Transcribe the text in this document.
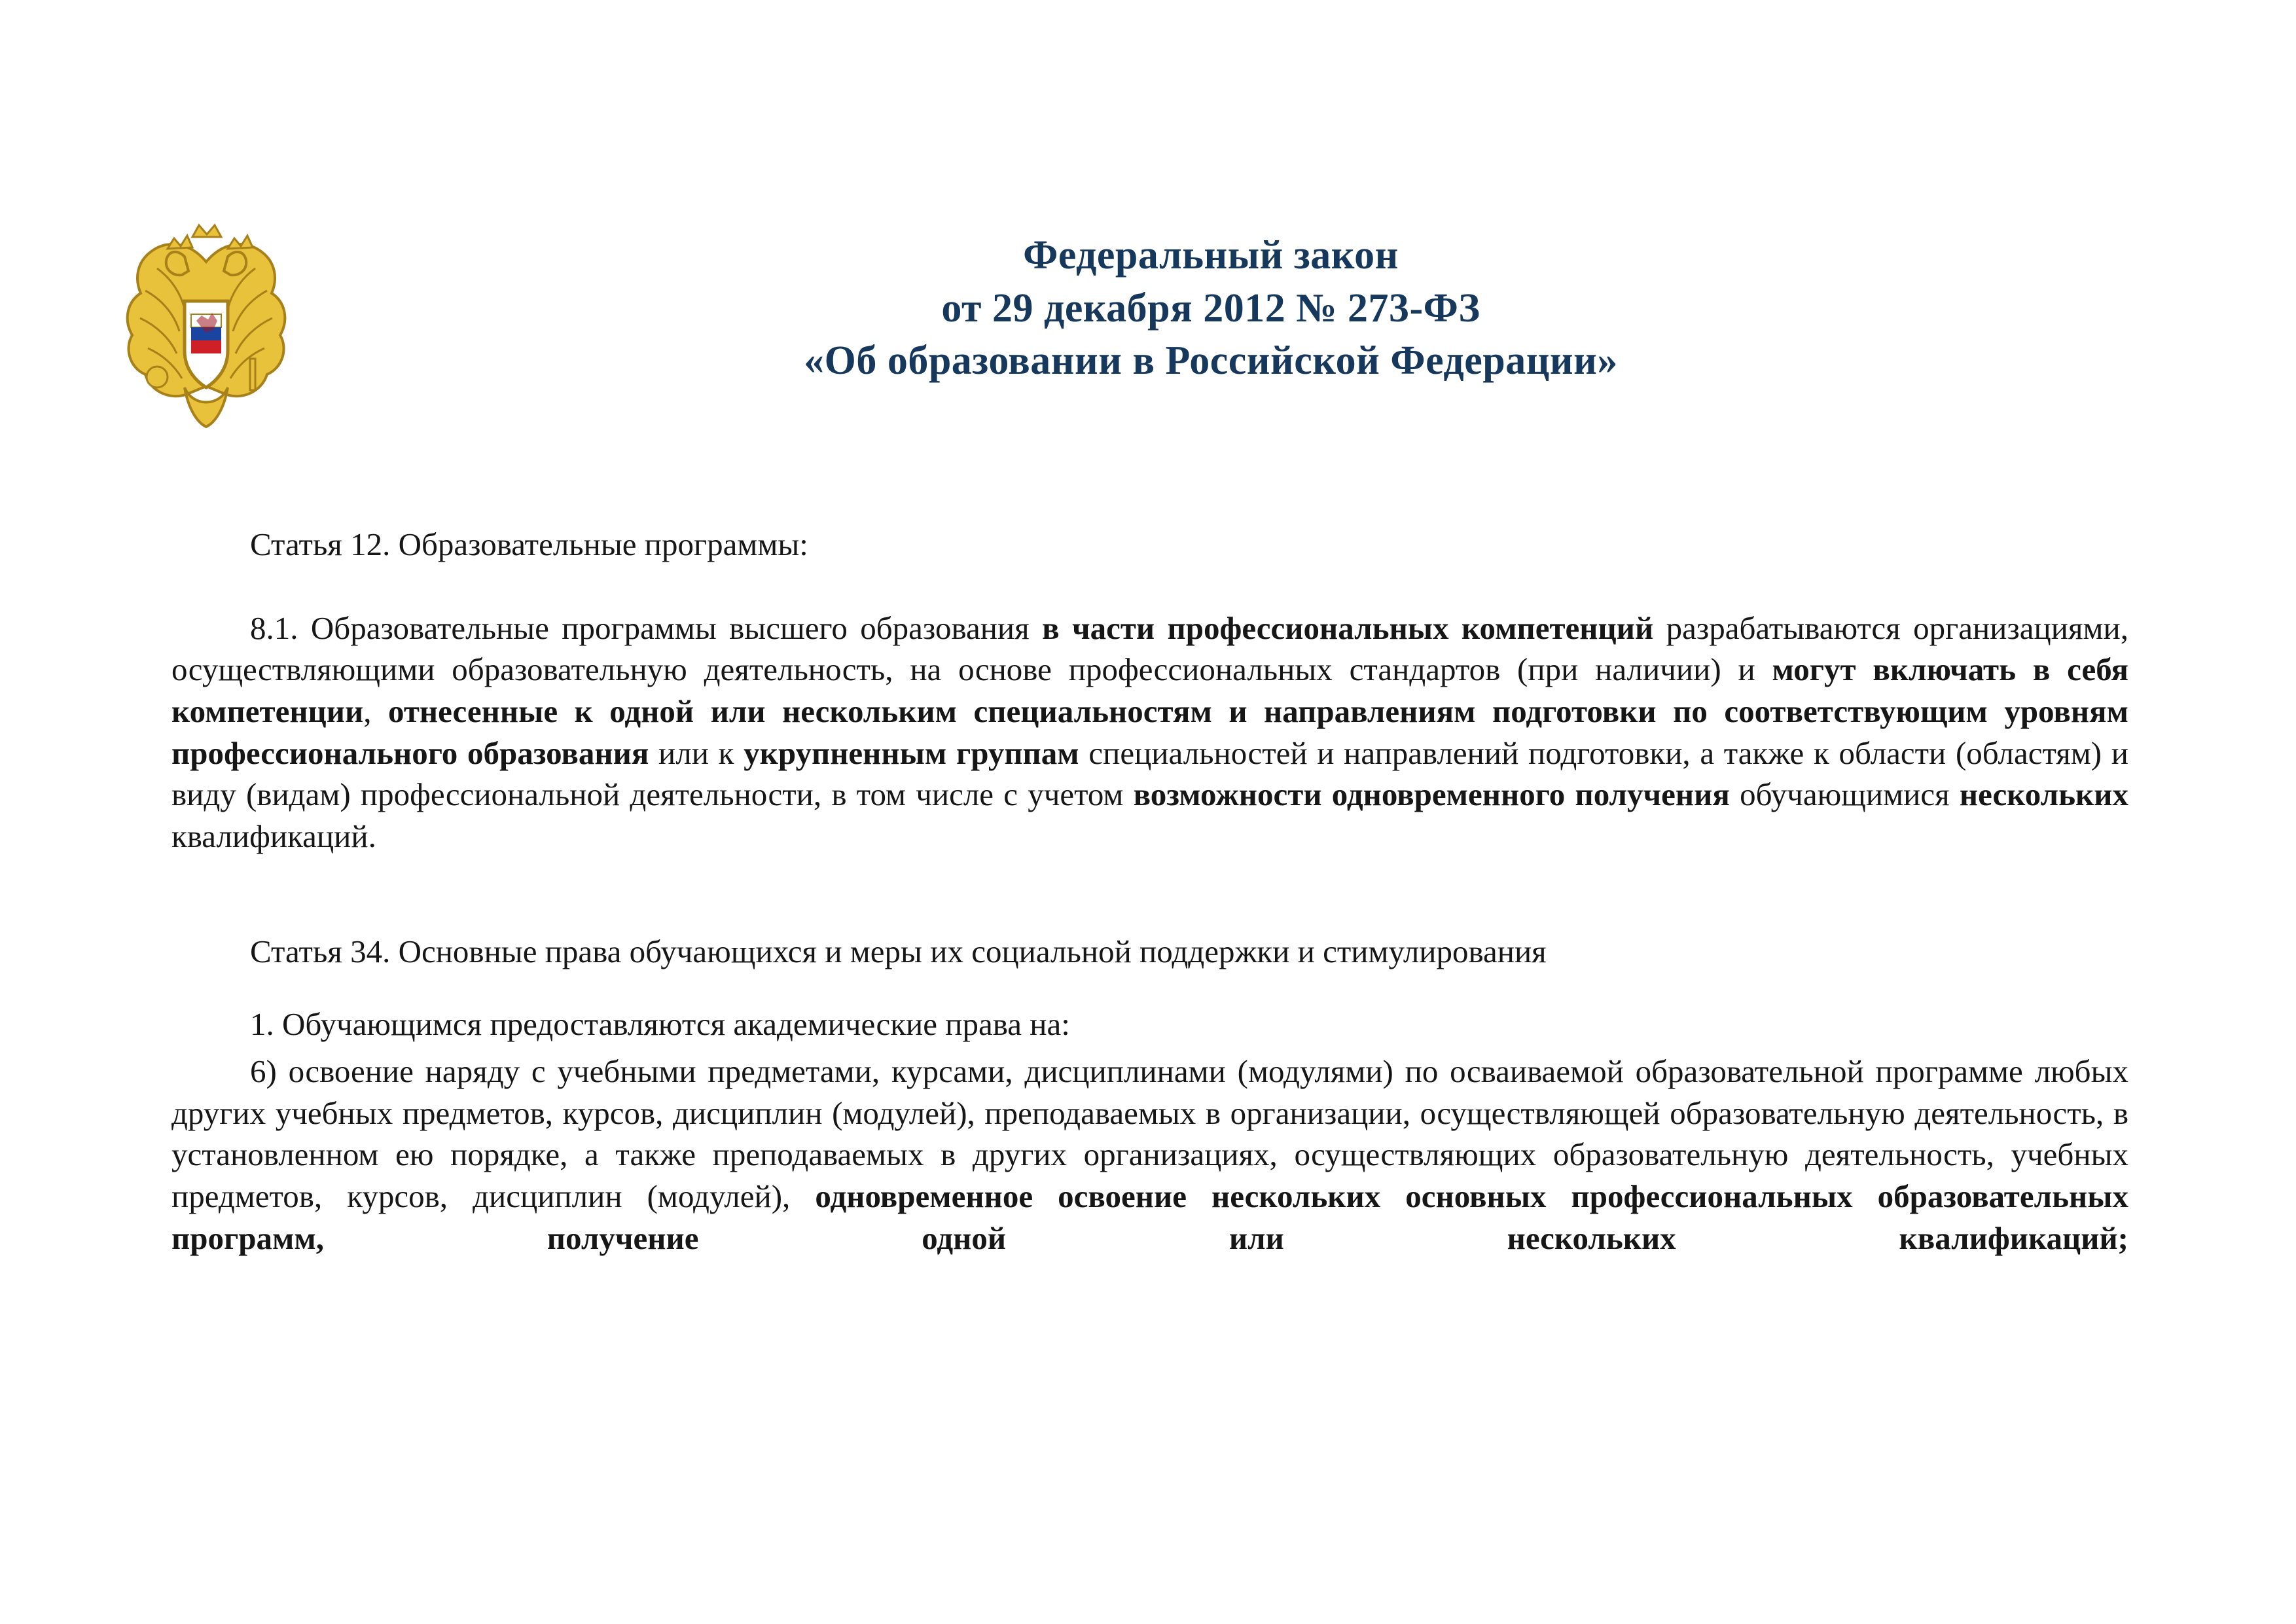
Федеральный закон
от 29 декабря 2012 № 273-ФЗ
«Об образовании в Российской Федерации»

Статья 12. Образовательные программы:

8.1. Образовательные программы высшего образования в части профессиональных компетенций разрабатываются организациями, осуществляющими образовательную деятельность, на основе профессиональных стандартов (при наличии) и могут включать в себя компетенции, отнесенные к одной или нескольким специальностям и направлениям подготовки по соответствующим уровням профессионального образования или к укрупненным группам специальностей и направлений подготовки, а также к области (областям) и виду (видам) профессиональной деятельности, в том числе с учетом возможности одновременного получения обучающимися нескольких квалификаций.

Статья 34. Основные права обучающихся и меры их социальной поддержки и стимулирования

1. Обучающимся предоставляются академические права на:

6) освоение наряду с учебными предметами, курсами, дисциплинами (модулями) по осваиваемой образовательной программе любых других учебных предметов, курсов, дисциплин (модулей), преподаваемых в организации, осуществляющей образовательную деятельность, в установленном ею порядке, а также преподаваемых в других организациях, осуществляющих образовательную деятельность, учебных предметов, курсов, дисциплин (модулей), одновременное освоение нескольких основных профессиональных образовательных программ, получение одной или нескольких квалификаций;
